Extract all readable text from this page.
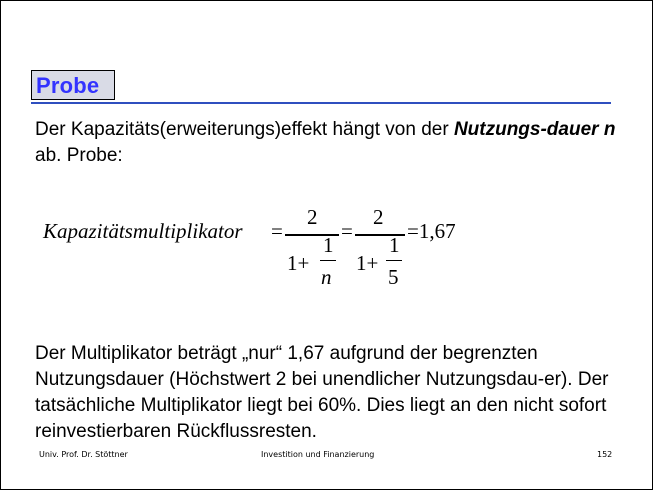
Probe
Der Kapazitäts(erweiterungs)effekt hängt von der Nutzungs-dauer n ab. Probe:
Kapazitätsmultiplikator =
2
1+
1
n
=
2
1+
1
5
=1,67
Der Multiplikator beträgt „nur“ 1,67 aufgrund der begrenzten Nutzungsdauer (Höchstwert 2 bei unendlicher Nutzungsdau-er). Der tatsächliche Multiplikator liegt bei 60%. Dies liegt an den nicht sofort reinvestierbaren Rückflussresten.
Univ. Prof. Dr. Stöttner	Investition und Finanzierung	152
